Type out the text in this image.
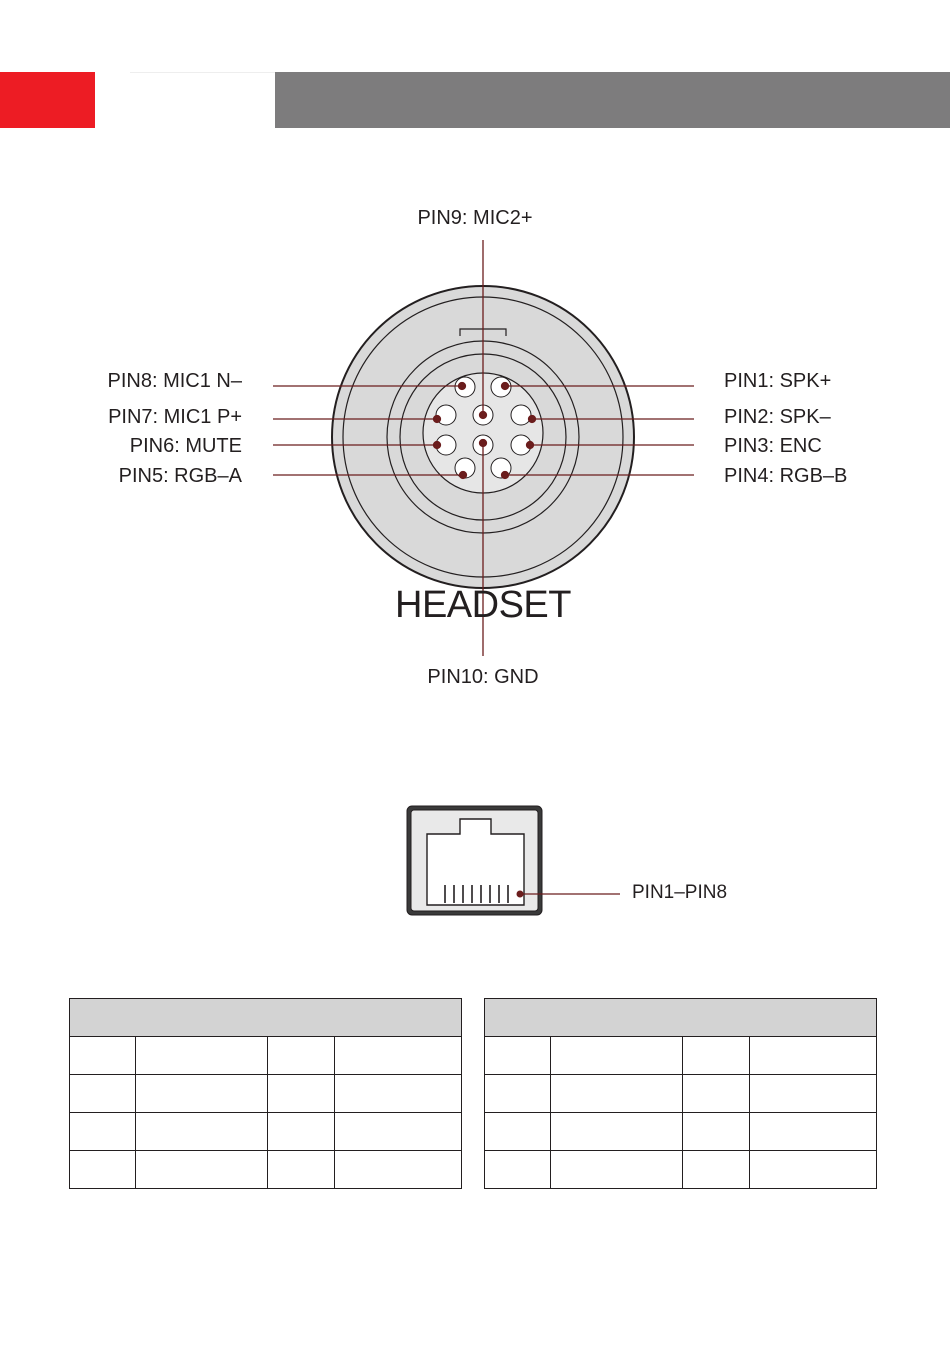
PIN9: MIC2+
PIN8: MIC1 N–
PIN7: MIC1 P+
PIN6: MUTE
PIN5: RGB–A
PIN1: SPK+
PIN2: SPK–
PIN3: ENC
PIN4: RGB–B
HEADSET
PIN10: GND
PIN1–PIN8
